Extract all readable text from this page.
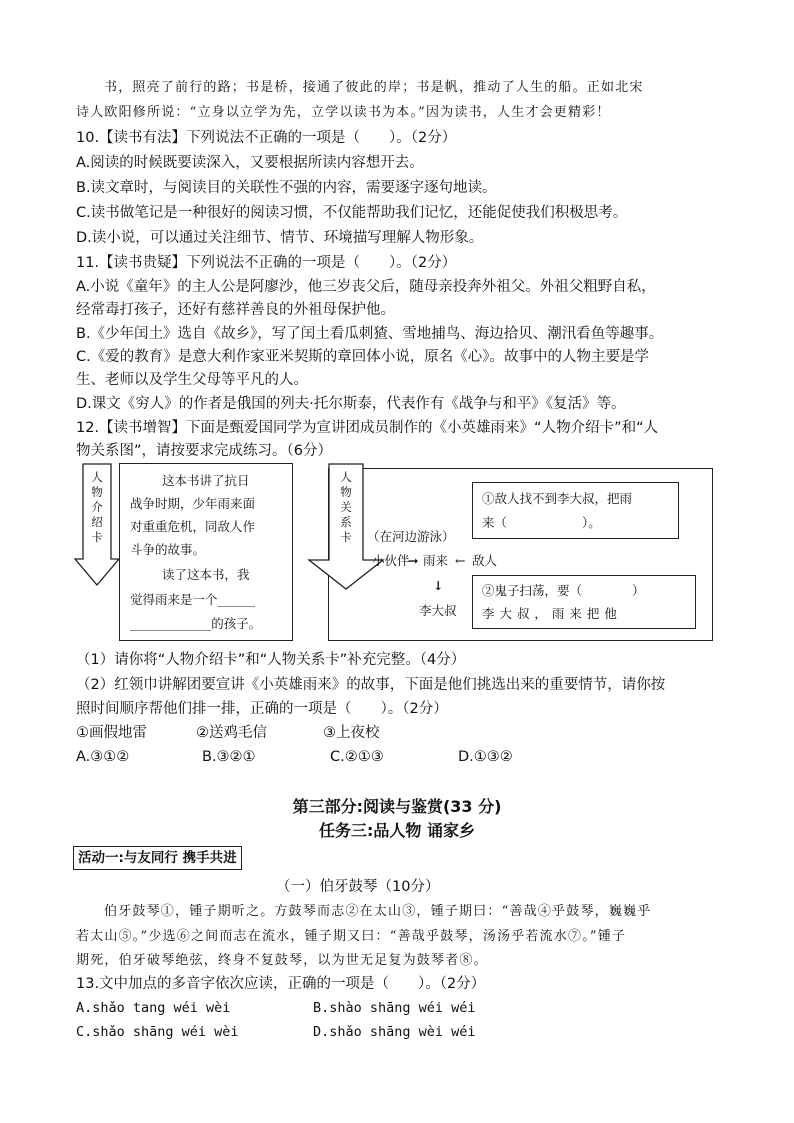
书，照亮了前行的路；书是桥，接通了彼此的岸；书是帆，推动了人生的船。正如北宋
诗人欧阳修所说：“立身以立学为先，立学以读书为本。”因为读书，人生才会更精彩！
10.【读书有法】下列说法不正确的一项是（　　）。（2分）
A.阅读的时候既要读深入，又要根据所读内容想开去。
B.读文章时，与阅读目的关联性不强的内容，需要逐字逐句地读。
C.读书做笔记是一种很好的阅读习惯，不仅能帮助我们记忆，还能促使我们积极思考。
D.读小说，可以通过关注细节、情节、环境描写理解人物形象。
11.【读书贵疑】下列说法不正确的一项是（　　）。（2分）
A.小说《童年》的主人公是阿廖沙，他三岁丧父后，随母亲投奔外祖父。外祖父粗野自私，
经常毒打孩子，还好有慈祥善良的外祖母保护他。
B.《少年闰土》选自《故乡》，写了闰土看瓜刺猹、雪地捕鸟、海边拾贝、潮汛看鱼等趣事。
C.《爱的教育》是意大利作家亚米契斯的章回体小说，原名《心》。故事中的人物主要是学
生、老师以及学生父母等平凡的人。
D.课文《穷人》的作者是俄国的列夫·托尔斯泰，代表作有《战争与和平》《复活》等。
12.【读书增智】下面是甄爱国同学为宣讲团成员制作的《小英雄雨来》“人物介绍卡”和“人
物关系图”，请按要求完成练习。（6分）
人物介绍卡
这本书讲了抗日
战争时期，少年雨来面
对重重危机，同敌人作
斗争的故事。
读了这本书，我
觉得雨来是一个______
_____________的孩子。
人物关系卡
①敌人找不到李大叔，把雨
来（　　　　　　）。
（在河边游泳）
小伙伴
➞ 雨来 ← 敌人
↓
李大叔
②鬼子扫荡，要（　　　　）
李 大 叔 ， 雨 来 把 他
（1）请你将“人物介绍卡”和“人物关系卡”补充完整。（4分）
（2）红领巾讲解团要宣讲《小英雄雨来》的故事，下面是他们挑选出来的重要情节，请你按
照时间顺序帮他们排一排，正确的一项是（　　）。（2分）
①画假地雷	②送鸡毛信	③上夜校
A.③①②	B.③②①	C.②①③	D.①③②
第三部分:阅读与鉴赏(33 分)
任务三:品人物 诵家乡
活动一:与友同行 携手共进
（一）伯牙鼓琴（10分）
伯牙鼓琴①，锺子期听之。方鼓琴而志②在太山③，锺子期曰：“善哉④乎鼓琴，巍巍乎
若太山⑤。”少选⑥之间而志在流水，锺子期又曰：“善哉乎鼓琴，汤汤乎若流水⑦。”锺子
期死，伯牙破琴绝弦，终身不复鼓琴，以为世无足复为鼓琴者⑧。
13.文中加点的多音字依次应读，正确的一项是（　　）。（2分）
A.shǎo tang wéi wèi	B.shào shāng wéi wéi
C.shǎo shāng wéi wèi	D.shǎo shāng wèi wéi
